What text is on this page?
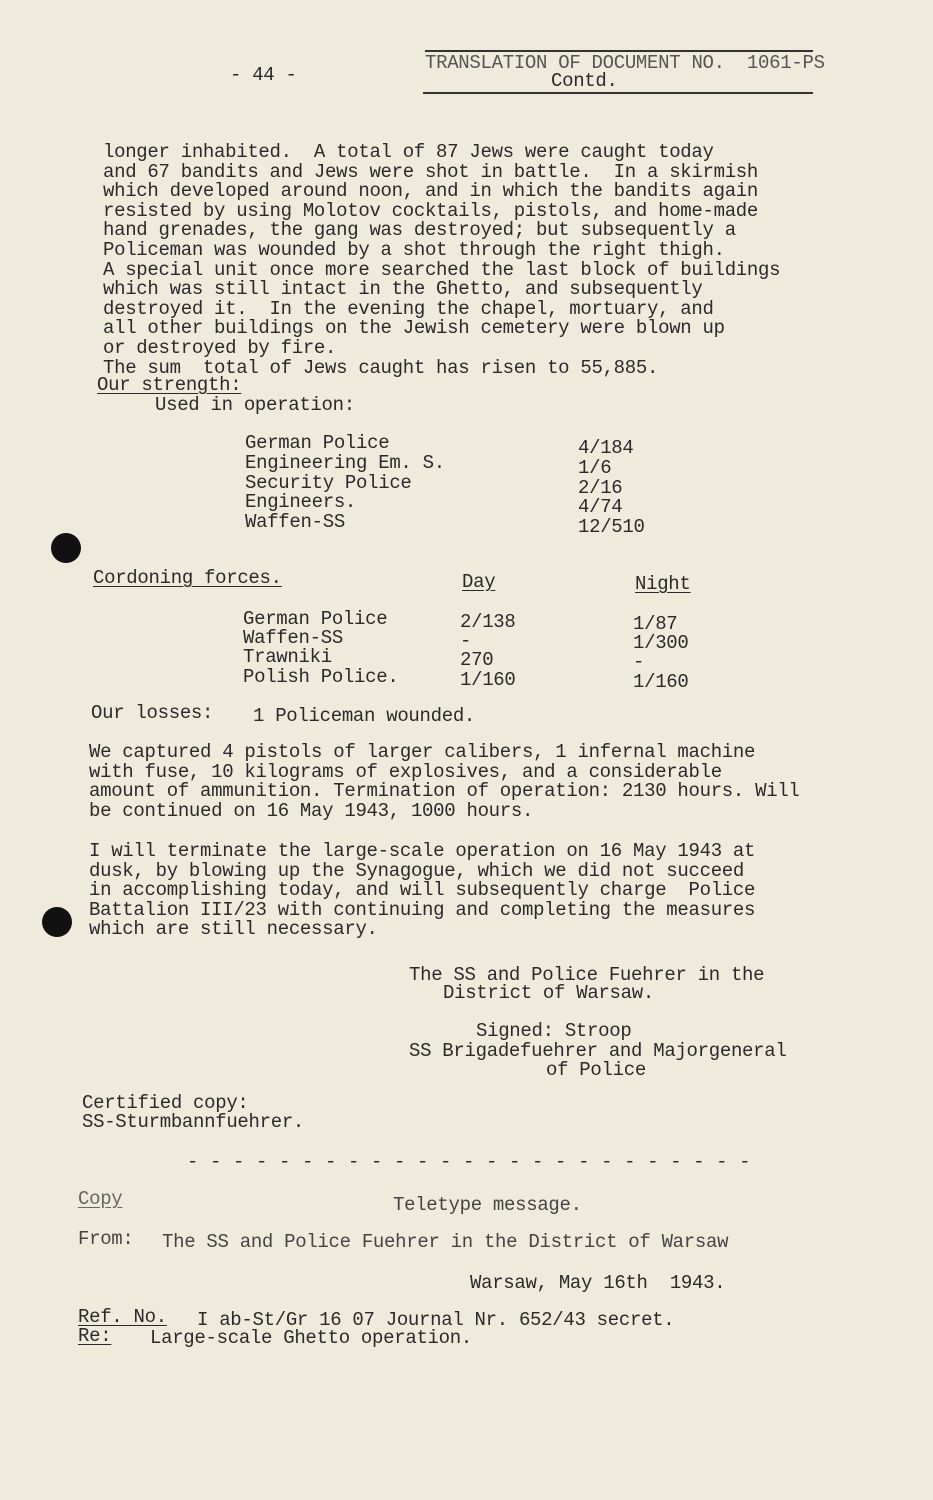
- 44 -
TRANSLATION OF DOCUMENT NO.  1061-PS
Contd.
longer inhabited.  A total of 87 Jews were caught today
and 67 bandits and Jews were shot in battle.  In a skirmish
which developed around noon, and in which the bandits again
resisted by using Molotov cocktails, pistols, and home-made
hand grenades, the gang was destroyed; but subsequently a
Policeman was wounded by a shot through the right thigh.
A special unit once more searched the last block of buildings
which was still intact in the Ghetto, and subsequently
destroyed it.  In the evening the chapel, mortuary, and
all other buildings on the Jewish cemetery were blown up
or destroyed by fire.
The sum  total of Jews caught has risen to 55,885.
Our strength:
Used in operation:
German Police	4/184
Engineering Em. S.	1/6
Security Police	2/16
Engineers.	4/74
Waffen-SS	12/510
Cordoning forces.	Day	Night
German Police	2/138	1/87
Waffen-SS	-	1/300
Trawniki	270	-
Polish Police.	1/160	1/160
Our losses: 1 Policeman wounded.
We captured 4 pistols of larger calibers, 1 infernal machine
with fuse, 10 kilograms of explosives, and a considerable
amount of ammunition. Termination of operation: 2130 hours. Will
be continued on 16 May 1943, 1000 hours.
I will terminate the large-scale operation on 16 May 1943 at
dusk, by blowing up the Synagogue, which we did not succeed
in accomplishing today, and will subsequently charge  Police
Battalion III/23 with continuing and completing the measures
which are still necessary.
The SS and Police Fuehrer in the
District of Warsaw.
Signed: Stroop
SS Brigadefuehrer and Majorgeneral
of Police
Certified copy:
SS-Sturmbannfuehrer.
- - - - - - - - - - - - - - - - - - - - - - - - -
Copy	Teletype message.
From: The SS and Police Fuehrer in the District of Warsaw
Warsaw, May 16th  1943.
Ref. No. I ab-St/Gr 16 07 Journal Nr. 652/43 secret.
Re: Large-scale Ghetto operation.
